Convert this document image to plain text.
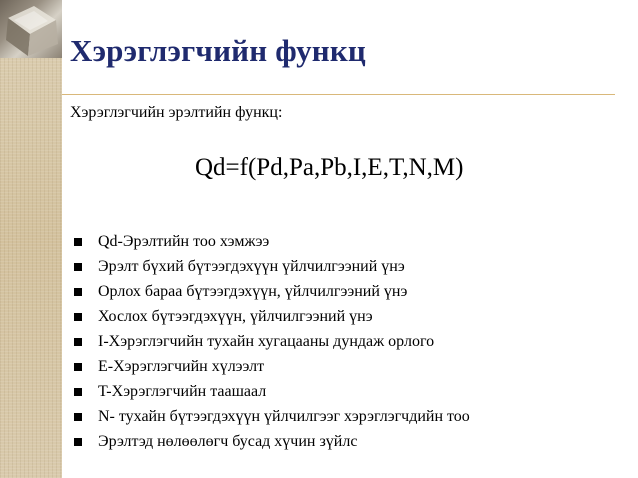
Хэрэглэгчийн функц
Хэрэглэгчийн эрэлтийн функц:
Qd=f(Pd,Pa,Pb,I,E,T,N,M)
Qd-Эрэлтийн тоо хэмжээ
Эрэлт бүхий бүтээгдэхүүн үйлчилгээний үнэ
Орлох бараа бүтээгдэхүүн, үйлчилгээний үнэ
Хослох бүтээгдэхүүн, үйлчилгээний үнэ
I-Хэрэглэгчийн тухайн хугацааны дундаж орлого
E-Хэрэглэгчийн хүлээлт
T-Хэрэглэгчийн таашаал
N- тухайн бүтээгдэхүүн үйлчилгээг хэрэглэгчдийн тоо
Эрэлтэд нөлөөлөгч бусад хүчин зүйлс
